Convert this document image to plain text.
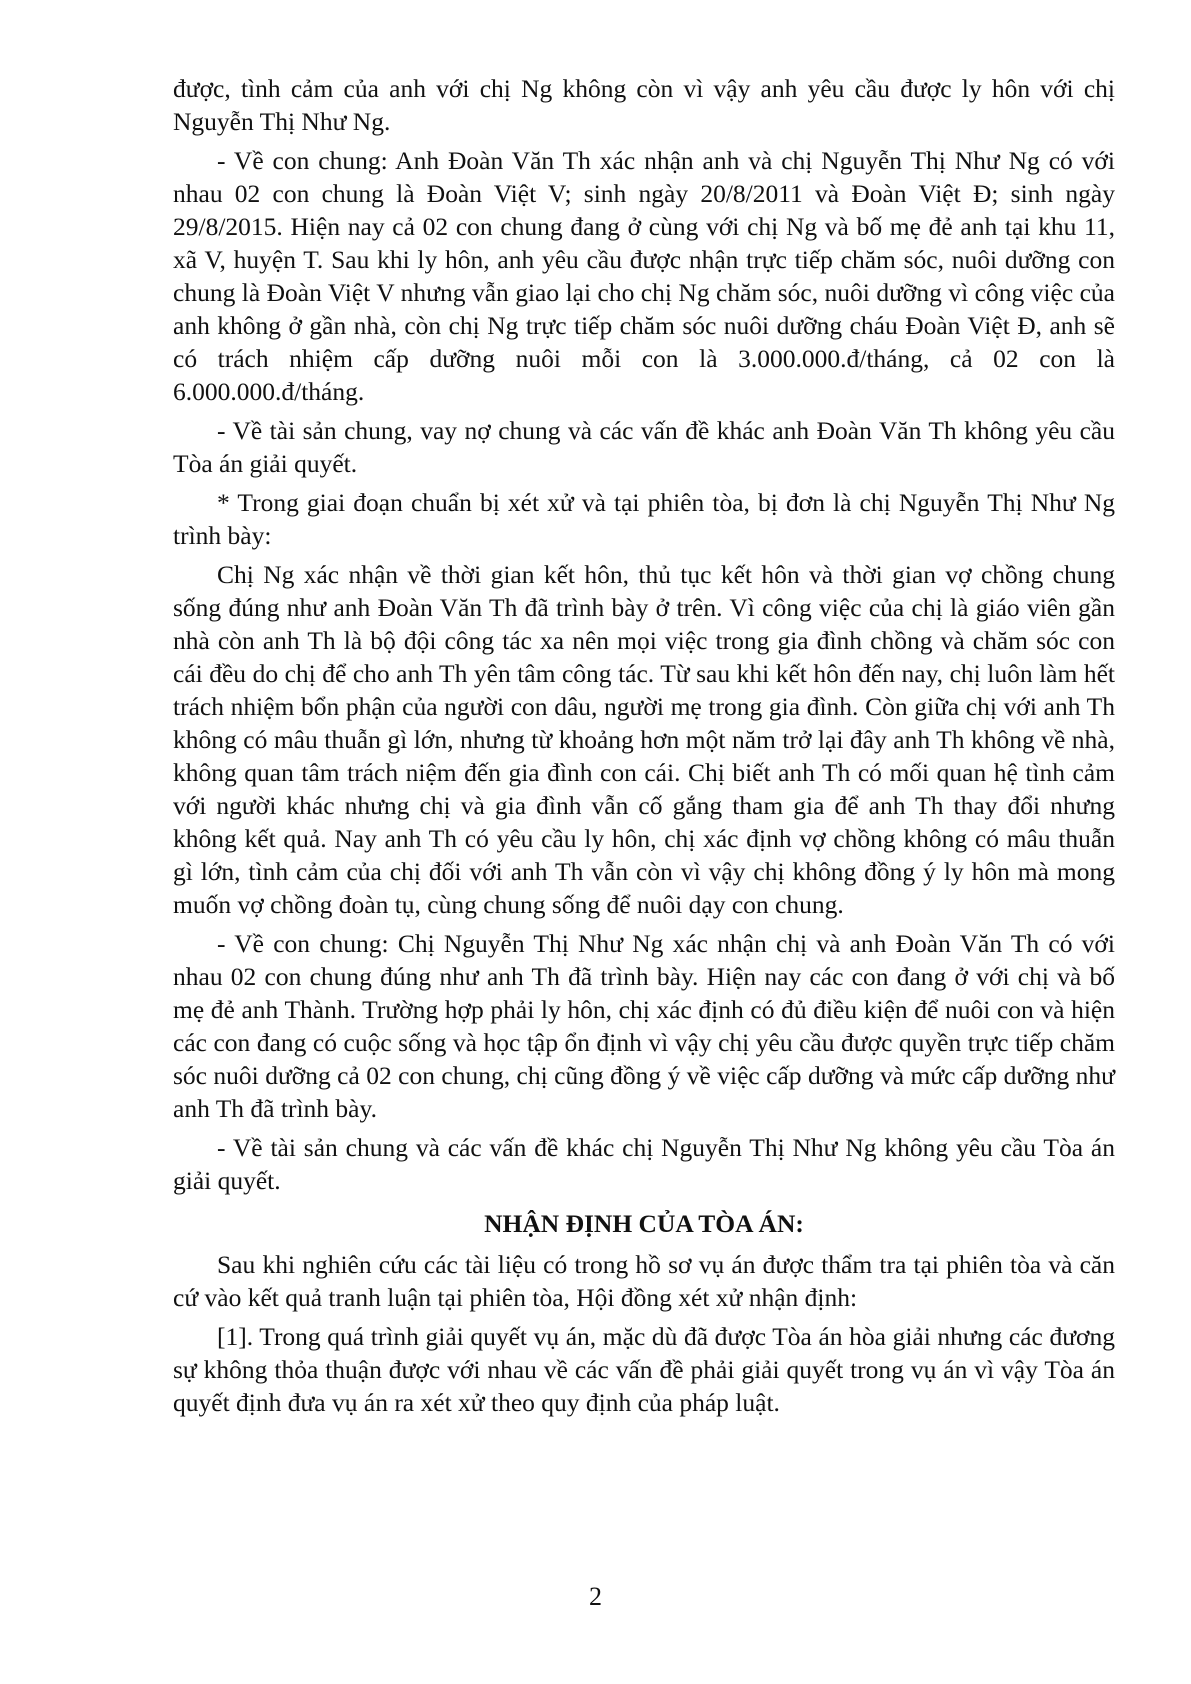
được, tình cảm của anh với chị Ng không còn vì vậy anh yêu cầu được ly hôn với chị Nguyễn Thị Như Ng.

- Về con chung: Anh Đoàn Văn Th xác nhận anh và chị Nguyễn Thị Như Ng có với nhau 02 con chung là Đoàn Việt V; sinh ngày 20/8/2011 và Đoàn Việt Đ; sinh ngày 29/8/2015. Hiện nay cả 02 con chung đang ở cùng với chị Ng và bố mẹ đẻ anh tại khu 11, xã V, huyện T. Sau khi ly hôn, anh yêu cầu được nhận trực tiếp chăm sóc, nuôi dưỡng con chung là Đoàn Việt V nhưng vẫn giao lại cho chị Ng chăm sóc, nuôi dưỡng vì công việc của anh không ở gần nhà, còn chị Ng trực tiếp chăm sóc nuôi dưỡng cháu Đoàn Việt Đ, anh sẽ có trách nhiệm cấp dưỡng nuôi mỗi con là 3.000.000.đ/tháng, cả 02 con là 6.000.000.đ/tháng.

- Về tài sản chung, vay nợ chung và các vấn đề khác anh Đoàn Văn Th không yêu cầu Tòa án giải quyết.

* Trong giai đoạn chuẩn bị xét xử và tại phiên tòa, bị đơn là chị Nguyễn Thị Như Ng trình bày:

Chị Ng xác nhận về thời gian kết hôn, thủ tục kết hôn và thời gian vợ chồng chung sống đúng như anh Đoàn Văn Th đã trình bày ở trên. Vì công việc của chị là giáo viên gần nhà còn anh Th là bộ đội công tác xa nên mọi việc trong gia đình chồng và chăm sóc con cái đều do chị để cho anh Th yên tâm công tác. Từ sau khi kết hôn đến nay, chị luôn làm hết trách nhiệm bổn phận của người con dâu, người mẹ trong gia đình. Còn giữa chị với anh Th không có mâu thuẫn gì lớn, nhưng từ khoảng hơn một năm trở lại đây anh Th không về nhà, không quan tâm trách niệm đến gia đình con cái. Chị biết anh Th có mối quan hệ tình cảm với người khác nhưng chị và gia đình vẫn cố gắng tham gia để anh Th thay đổi nhưng không kết quả. Nay anh Th có yêu cầu ly hôn, chị xác định vợ chồng không có mâu thuẫn gì lớn, tình cảm của chị đối với anh Th vẫn còn vì vậy chị không đồng ý ly hôn mà mong muốn vợ chồng đoàn tụ, cùng chung sống để nuôi dạy con chung.

- Về con chung: Chị Nguyễn Thị Như Ng xác nhận chị và anh Đoàn Văn Th có với nhau 02 con chung đúng như anh Th đã trình bày. Hiện nay các con đang ở với chị và bố mẹ đẻ anh Thành. Trường hợp phải ly hôn, chị xác định có đủ điều kiện để nuôi con và hiện các con đang có cuộc sống và học tập ổn định vì vậy chị yêu cầu được quyền trực tiếp chăm sóc nuôi dưỡng cả 02 con chung, chị cũng đồng ý về việc cấp dưỡng và mức cấp dưỡng như anh Th đã trình bày.

- Về tài sản chung và các vấn đề khác chị Nguyễn Thị Như Ng không yêu cầu Tòa án giải quyết.

NHẬN ĐỊNH CỦA TÒA ÁN:

Sau khi nghiên cứu các tài liệu có trong hồ sơ vụ án được thẩm tra tại phiên tòa và căn cứ vào kết quả tranh luận tại phiên tòa, Hội đồng xét xử nhận định:

[1]. Trong quá trình giải quyết vụ án, mặc dù đã được Tòa án hòa giải nhưng các đương sự không thỏa thuận được với nhau về các vấn đề phải giải quyết trong vụ án vì vậy Tòa án quyết định đưa vụ án ra xét xử theo quy định của pháp luật.

2
